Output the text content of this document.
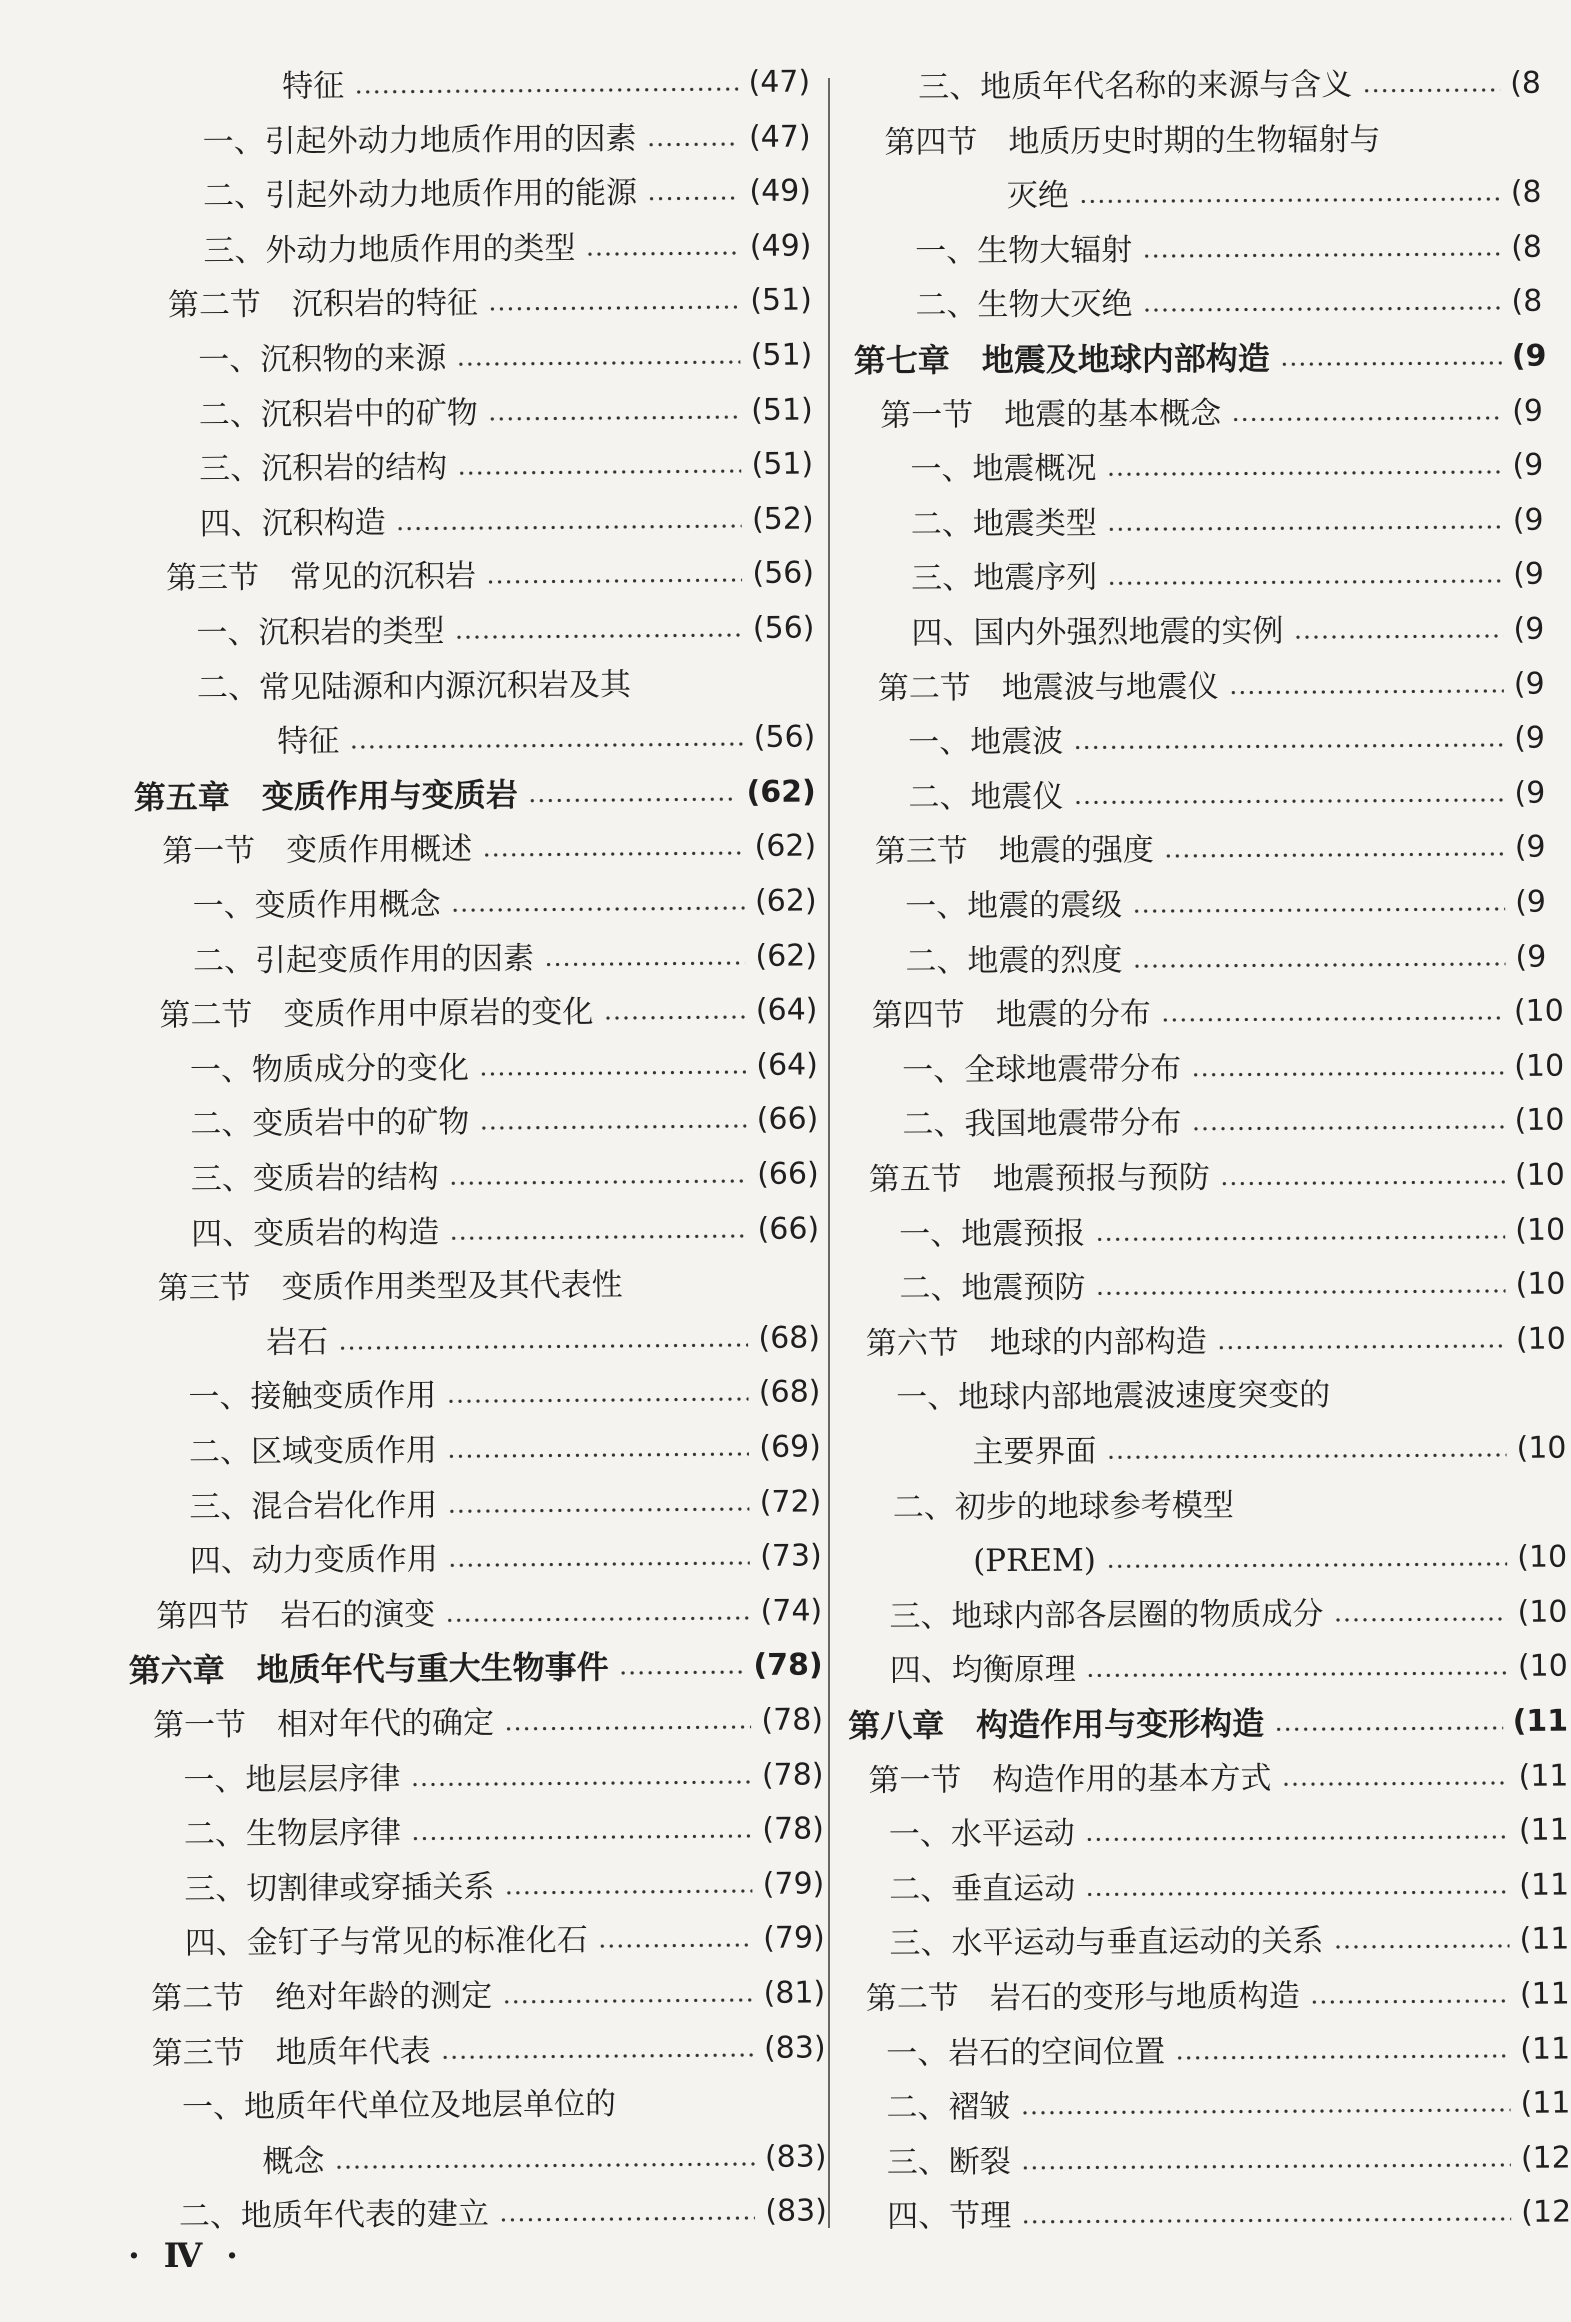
特征	(47)
一、引起外动力地质作用的因素	(47)
二、引起外动力地质作用的能源	(49)
三、外动力地质作用的类型	(49)
第二节　沉积岩的特征	(51)
一、沉积物的来源	(51)
二、沉积岩中的矿物	(51)
三、沉积岩的结构	(51)
四、沉积构造	(52)
第三节　常见的沉积岩	(56)
一、沉积岩的类型	(56)
二、常见陆源和内源沉积岩及其
特征	(56)
第五章　变质作用与变质岩	(62)
第一节　变质作用概述	(62)
一、变质作用概念	(62)
二、引起变质作用的因素	(62)
第二节　变质作用中原岩的变化	(64)
一、物质成分的变化	(64)
二、变质岩中的矿物	(66)
三、变质岩的结构	(66)
四、变质岩的构造	(66)
第三节　变质作用类型及其代表性
岩石	(68)
一、接触变质作用	(68)
二、区域变质作用	(69)
三、混合岩化作用	(72)
四、动力变质作用	(73)
第四节　岩石的演变	(74)
第六章　地质年代与重大生物事件	(78)
第一节　相对年代的确定	(78)
一、地层层序律	(78)
二、生物层序律	(78)
三、切割律或穿插关系	(79)
四、金钉子与常见的标准化石	(79)
第二节　绝对年龄的测定	(81)
第三节　地质年代表	(83)
一、地质年代单位及地层单位的
概念	(83)
二、地质年代表的建立	(83)
三、地质年代名称的来源与含义	(8
第四节　地质历史时期的生物辐射与
灭绝	(8
一、生物大辐射	(8
二、生物大灭绝	(8
第七章　地震及地球内部构造	(9
第一节　地震的基本概念	(9
一、地震概况	(9
二、地震类型	(9
三、地震序列	(9
四、国内外强烈地震的实例	(9
第二节　地震波与地震仪	(9
一、地震波	(9
二、地震仪	(9
第三节　地震的强度	(9
一、地震的震级	(9
二、地震的烈度	(9
第四节　地震的分布	(10
一、全球地震带分布	(10
二、我国地震带分布	(10
第五节　地震预报与预防	(10
一、地震预报	(10
二、地震预防	(10
第六节　地球的内部构造	(10
一、地球内部地震波速度突变的
主要界面	(10
二、初步的地球参考模型
(PREM)	(10
三、地球内部各层圈的物质成分	(10
四、均衡原理	(10
第八章　构造作用与变形构造	(11
第一节　构造作用的基本方式	(11
一、水平运动	(11
二、垂直运动	(11
三、水平运动与垂直运动的关系	(11
第二节　岩石的变形与地质构造	(11
一、岩石的空间位置	(11
二、褶皱	(11
三、断裂	(12
四、节理	(12
· Ⅳ ·
